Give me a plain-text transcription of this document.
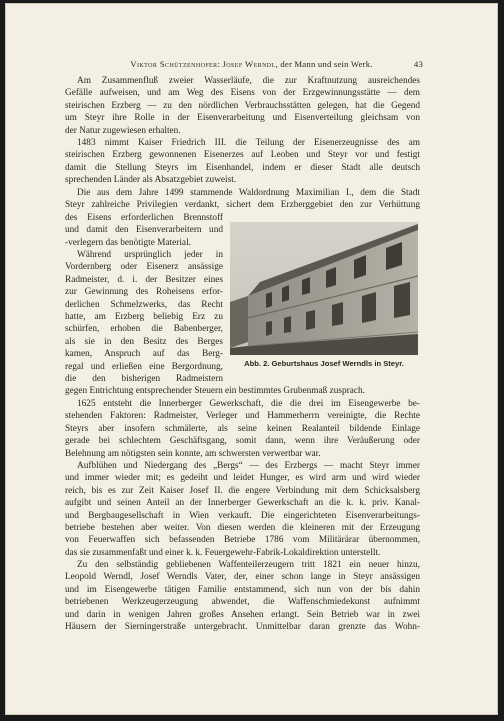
Viktor Schützenhofer: Josef Werndl, der Mann und sein Werk.	43
Am Zusammenfluß zweier Wasserläufe, die zur Kraftnutzung ausreichendes
Gefälle aufweisen, und am Weg des Eisens von der Erzgewinnungsstätte — dem
steirischen Erzberg — zu den nördlichen Verbrauchsstätten gelegen, hat die Gegend
um Steyr ihre Rolle in der Eisenverarbeitung und Eisenverteilung gleichsam von
der Natur zugewiesen erhalten.
1483 nimmt Kaiser Friedrich III. die Teilung der Eisenerzeugnisse des am
steirischen Erzberg gewonnenen Eisenerzes auf Leoben und Steyr vor und festigt
damit die Stellung Steyrs im Eisenhandel, indem er dieser Stadt alle deutsch
sprechenden Länder als Absatzgebiet zuweist.
Die aus dem Jahre 1499 stammende Waldordnung Maximilian I., dem die Stadt
Steyr zahlreiche Privilegien verdankt, sichert dem Erzberggebiet den zur Verhüttung
des Eisens erforderlichen Brennstoff
und damit den Eisenverarbeitern und
-verlegern das benötigte Material.
Während ursprünglich jeder in
Vordernberg oder Eisenerz ansässige
Radmeister, d. i. der Besitzer eines
zur Gewinnung des Roheisens erfor-
derlichen Schmelzwerks, das Recht
hatte, am Erzberg beliebig Erz zu
schürfen, erhoben die Babenberger,
als sie in den Besitz des Berges
kamen, Anspruch auf das Berg-
regal und erließen eine Bergordnung,
die den bisherigen Radmeistern
gegen Entrichtung entsprechender Steuern ein bestimmtes Grubenmaß zusprach.
Abb. 2. Geburtshaus Josef Werndls in Steyr.
1625 entsteht die Innerberger Gewerkschaft, die die drei im Eisengewerbe be-
stehenden Faktoren: Radmeister, Verleger und Hammerherrn vereinigte, die Rechte
Steyrs aber insofern schmälerte, als seine keinen Realanteil bildende Einlage
gerade bei schlechtem Geschäftsgang, somit dann, wenn ihre Veräußerung oder
Belehnung am nötigsten sein konnte, am schwersten verwertbar war.
Aufblühen und Niedergang des „Bergs“ — des Erzbergs — macht Steyr immer
und immer wieder mit; es gedeiht und leidet Hunger, es wird arm und wird wieder
reich, bis es zur Zeit Kaiser Josef II. die engere Verbindung mit dem Schicksalsberg
aufgibt und seinen Anteil an der Innerberger Gewerkschaft an die k. k. priv. Kanal-
und Bergbaugesellschaft in Wien verkauft. Die eingerichteten Eisenverarbeitungs-
betriebe bestehen aber weiter. Von diesen werden die kleineren mit der Erzeugung
von Feuerwaffen sich befassenden Betriebe 1786 vom Militärärar übernommen,
das sie zusammenfaßt und einer k. k. Feuergewehr-Fabrik-Lokaldirektion unterstellt.
Zu den selbständig gebliebenen Waffenteilerzeugern tritt 1821 ein neuer hinzu,
Leopold Werndl, Josef Werndls Vater, der, einer schon lange in Steyr ansässigen
und im Eisengewerbe tätigen Familie entstammend, sich nun von der bis dahin
betriebenen Werkzeugerzeugung abwendet, die Waffenschmiedekunst aufnimmt
und darin in wenigen Jahren großes Ansehen erlangt. Sein Betrieb war in zwei
Häusern der Sierningerstraße untergebracht. Unmittelbar daran grenzte das Wohn-
